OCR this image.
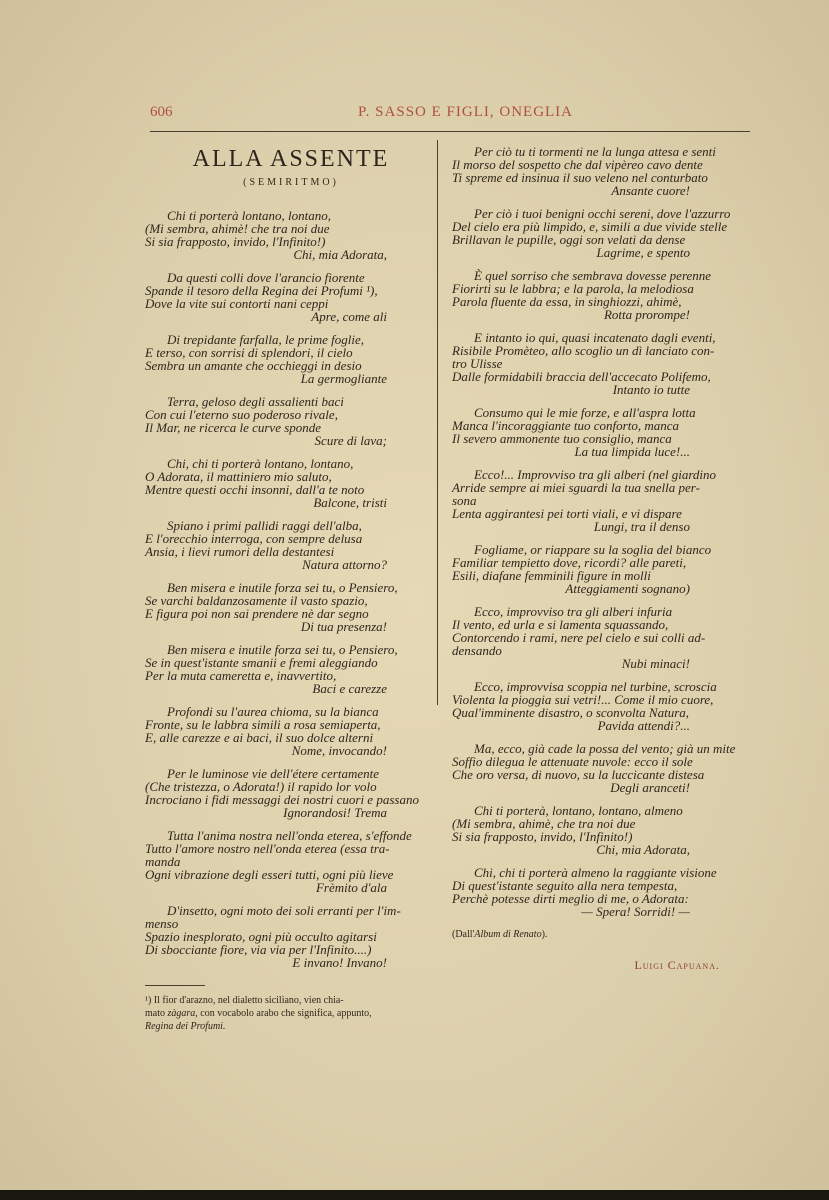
606	P. SASSO E FIGLI, ONEGLIA
ALLA ASSENTE
(SEMIRITMO)
Chi ti porterà lontano, lontano,
(Mi sembra, ahimè! che tra noi due
Si sia frapposto, invido, l'Infinito!)
Chi, mia Adorata,
Da questi colli dove l'arancio fiorente
Spande il tesoro della Regina dei Profumi ¹),
Dove la vite sui contorti nani ceppi
Apre, come ali
Di trepidante farfalla, le prime foglie,
E terso, con sorrisi di splendori, il cielo
Sembra un amante che occhieggi in desio
La germogliante
Terra, geloso degli assalienti baci
Con cui l'eterno suo poderoso rivale,
Il Mar, ne ricerca le curve sponde
Scure di lava;
Chi, chi ti porterà lontano, lontano,
O Adorata, il mattiniero mio saluto,
Mentre questi occhi insonni, dall'a te noto
Balcone, tristi
Spiano i primi pallidi raggi dell'alba,
E l'orecchio interroga, con sempre delusa
Ansia, i lievi rumori della destantesi
Natura attorno?
Ben misera e inutile forza sei tu, o Pensiero,
Se varchi baldanzosamente il vasto spazio,
E figura poi non sai prendere nè dar segno
Di tua presenza!
Ben misera e inutile forza sei tu, o Pensiero,
Se in quest'istante smanii e fremi aleggiando
Per la muta cameretta e, inavvertito,
Baci e carezze
Profondi su l'aurea chioma, su la bianca
Fronte, su le labbra simili a rosa semiaperta,
E, alle carezze e ai baci, il suo dolce alterni
Nome, invocando!
Per le luminose vie dell'étere certamente
(Che tristezza, o Adorata!) il rapido lor volo
Incrociano i fidi messaggi dei nostri cuori e passano
Ignorandosi! Trema
Tutta l'anima nostra nell'onda eterea, s'effonde
Tutto l'amore nostro nell'onda eterea (essa tra-
manda
Ogni vibrazione degli esseri tutti, ogni più lieve
Frèmito d'ala
D'insetto, ogni moto dei soli erranti per l'im-
mensо
Spazio inesplorato, ogni più occulto agitarsi
Di sbocciante fiore, via via per l'Infinito....)
E invano! Invano!
¹) Il fior d'arazno, nel dialetto siciliano, vien chia-
mato zàgara, con vocabolo arabo che significa, appunto,
Regina dei Profumi.
Per ciò tu ti tormenti ne la lunga attesa e senti
Il morso del sospetto che dal vipèreo cavo dente
Ti spreme ed insinua il suo veleno nel conturbato
Ansante cuore!
Per ciò i tuoi benigni occhi sereni, dove l'azzurro
Del cielo era più limpido, e, simili a due vivide stelle
Brillavan le pupille, oggi son velati da dense
Lagrime, e spento
È quel sorriso che sembrava dovesse perenne
Fiorirti su le labbra; e la parola, la melodiosa
Parola fluente da essa, in singhiozzi, ahimè,
Rotta prorompe!
E intanto io qui, quasi incatenato dagli eventi,
Risibile Promèteo, allo scoglio un dì lanciato con-
tro Ulisse
Dalle formidabili braccia dell'accecato Polifemo,
Intanto io tutte
Consumo qui le mie forze, e all'aspra lotta
Manca l'incoraggiante tuo conforto, manca
Il severo ammonente tuo consiglio, manca
La tua limpida luce!...
Ecco!... Improvviso tra gli alberi (nel giardino
Arride sempre ai miei sguardi la tua snella per-
sona
Lenta aggirantesi pei torti viali, e vi dispare
Lungi, tra il denso
Fogliame, or riappare su la soglia del bianco
Familiar tempietto dove, ricordi? alle pareti,
Esili, diafane femminili figure in molli
Atteggiamenti sognano)
Ecco, improvviso tra gli alberi infuria
Il vento, ed urla e si lamenta squassando,
Contorcendo i rami, nere pel cielo e sui colli ad-
densando
Nubi minaci!
Ecco, improvvisa scoppia nel turbine, scroscia
Violenta la pioggia sui vetri!... Come il mio cuore,
Qual'imminente disastro, o sconvolta Natura,
Pavida attendi?...
Ma, ecco, già cade la possa del vento; già un mite
Soffio dilegua le attenuate nuvole: ecco il sole
Che oro versa, di nuovo, su la luccicante distesa
Degli aranceti!
Chi ti porterà, lontano, lontano, almeno
(Mi sembra, ahimè, che tra noi due
Si sia frapposto, invido, l'Infinito!)
Chi, mia Adorata,
Chi, chi ti porterà almeno la raggiante visione
Di quest'istante seguito alla nera tempesta,
Perchè potesse dirti meglio di me, o Adorata:
— Spera! Sorridi! —
(Dall'Album di Renato).
Luigi Capuana.
